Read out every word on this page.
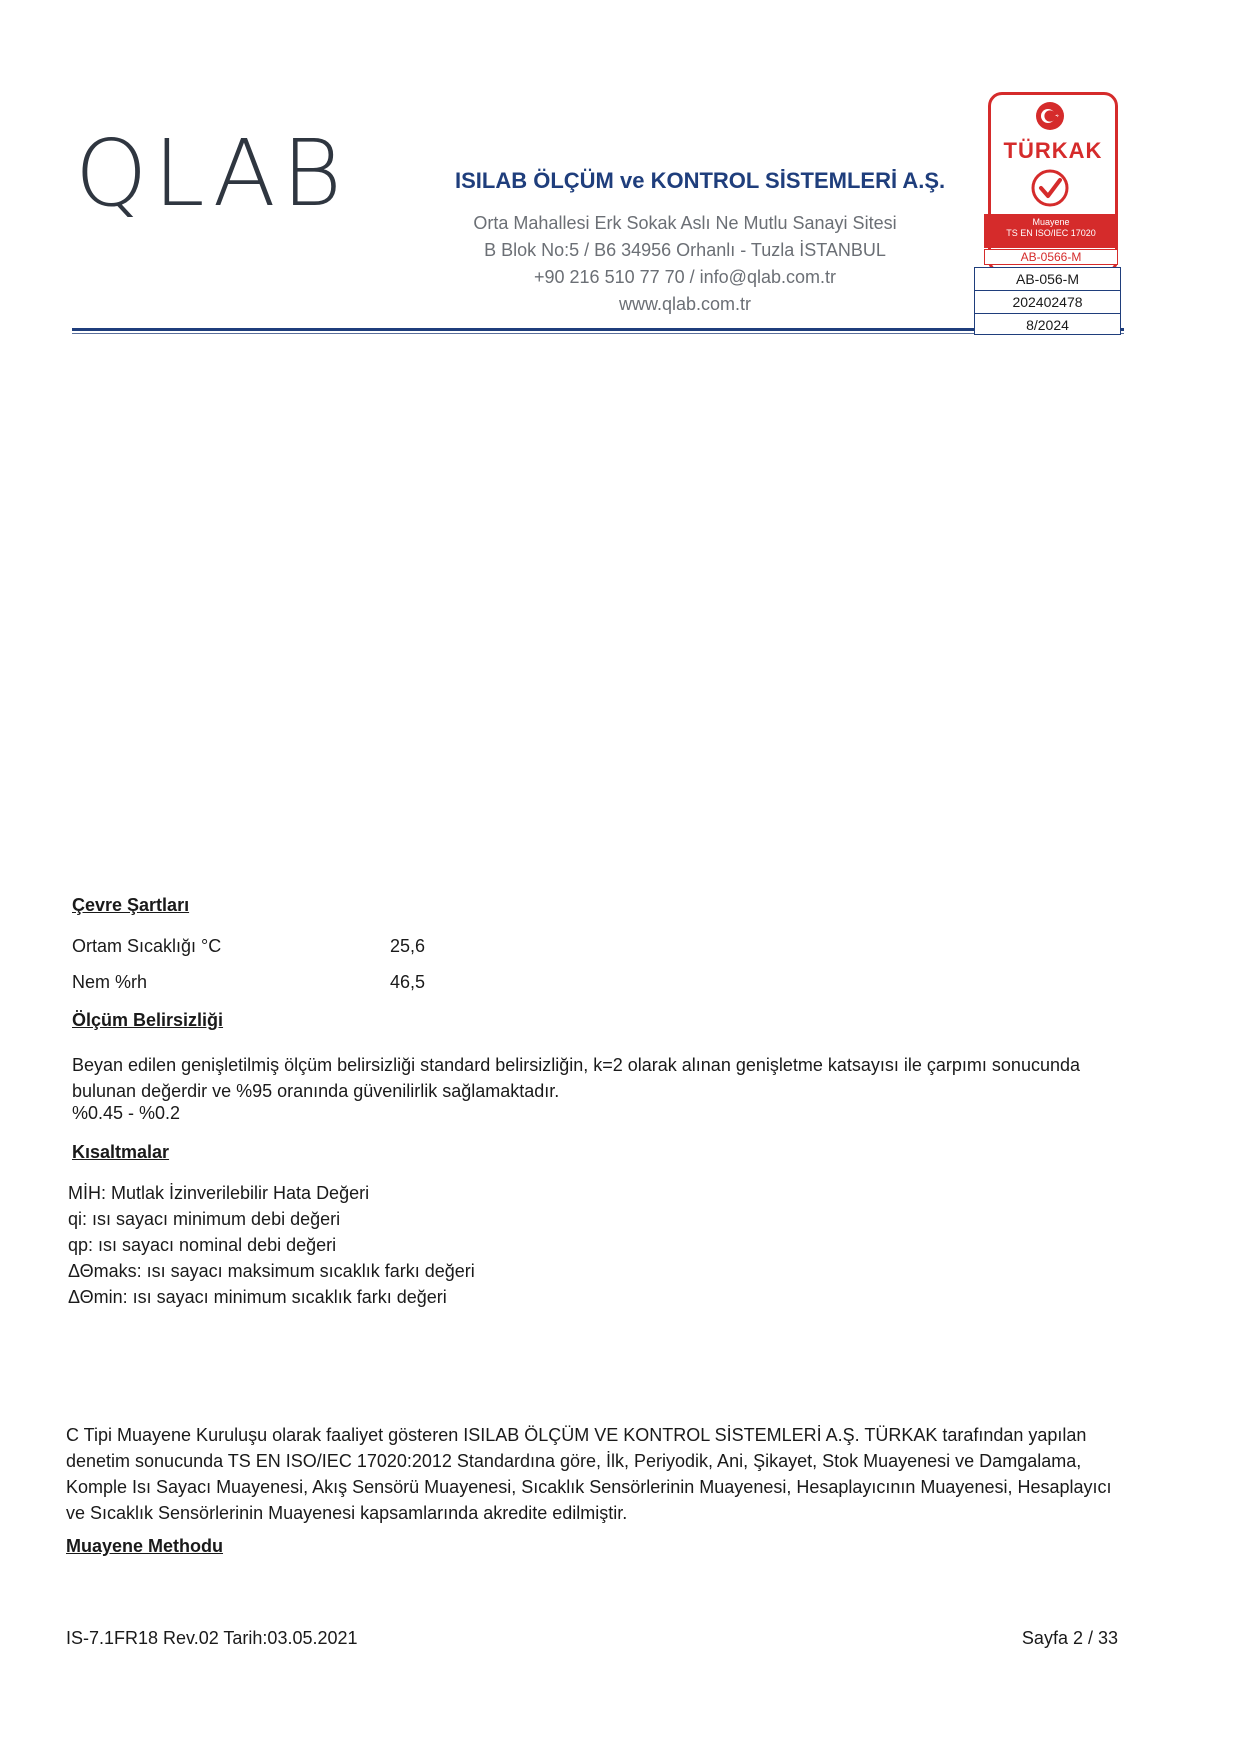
QLAB	ISILAB ÖLÇÜM ve KONTROL SİSTEMLERİ A.Ş.
Orta Mahallesi Erk Sokak Aslı Ne Mutlu Sanayi Sitesi
B Blok No:5 / B6 34956 Orhanlı - Tuzla İSTANBUL
+90 216 510 77 70 / info@qlab.com.tr
www.qlab.com.tr
TÜRKAK
Muayene
TS EN ISO/IEC 17020
AB-0566-M
AB-056-M
202402478
8/2024
Çevre Şartları
Ortam Sıcaklığı °C	25,6
Nem %rh	46,5
Ölçüm Belirsizliği
Beyan edilen genişletilmiş ölçüm belirsizliği standard belirsizliğin, k=2 olarak alınan genişletme katsayısı ile çarpımı sonucunda bulunan değerdir ve %95 oranında güvenilirlik sağlamaktadır.
%0.45 - %0.2
Kısaltmalar
MİH: Mutlak İzinverilebilir Hata Değeri
qi: ısı sayacı minimum debi değeri
qp: ısı sayacı nominal debi değeri
ΔΘmaks: ısı sayacı maksimum sıcaklık farkı değeri
ΔΘmin: ısı sayacı minimum sıcaklık farkı değeri
C Tipi Muayene Kuruluşu olarak faaliyet gösteren ISILAB ÖLÇÜM VE KONTROL SİSTEMLERİ A.Ş. TÜRKAK tarafından yapılan denetim sonucunda TS EN ISO/IEC 17020:2012 Standardına göre, İlk, Periyodik, Ani, Şikayet, Stok Muayenesi ve Damgalama, Komple Isı Sayacı Muayenesi, Akış Sensörü Muayenesi, Sıcaklık Sensörlerinin Muayenesi, Hesaplayıcının Muayenesi, Hesaplayıcı ve Sıcaklık Sensörlerinin Muayenesi kapsamlarında akredite edilmiştir.
Muayene Methodu
IS-7.1FR18 Rev.02 Tarih:03.05.2021	Sayfa 2 / 33
